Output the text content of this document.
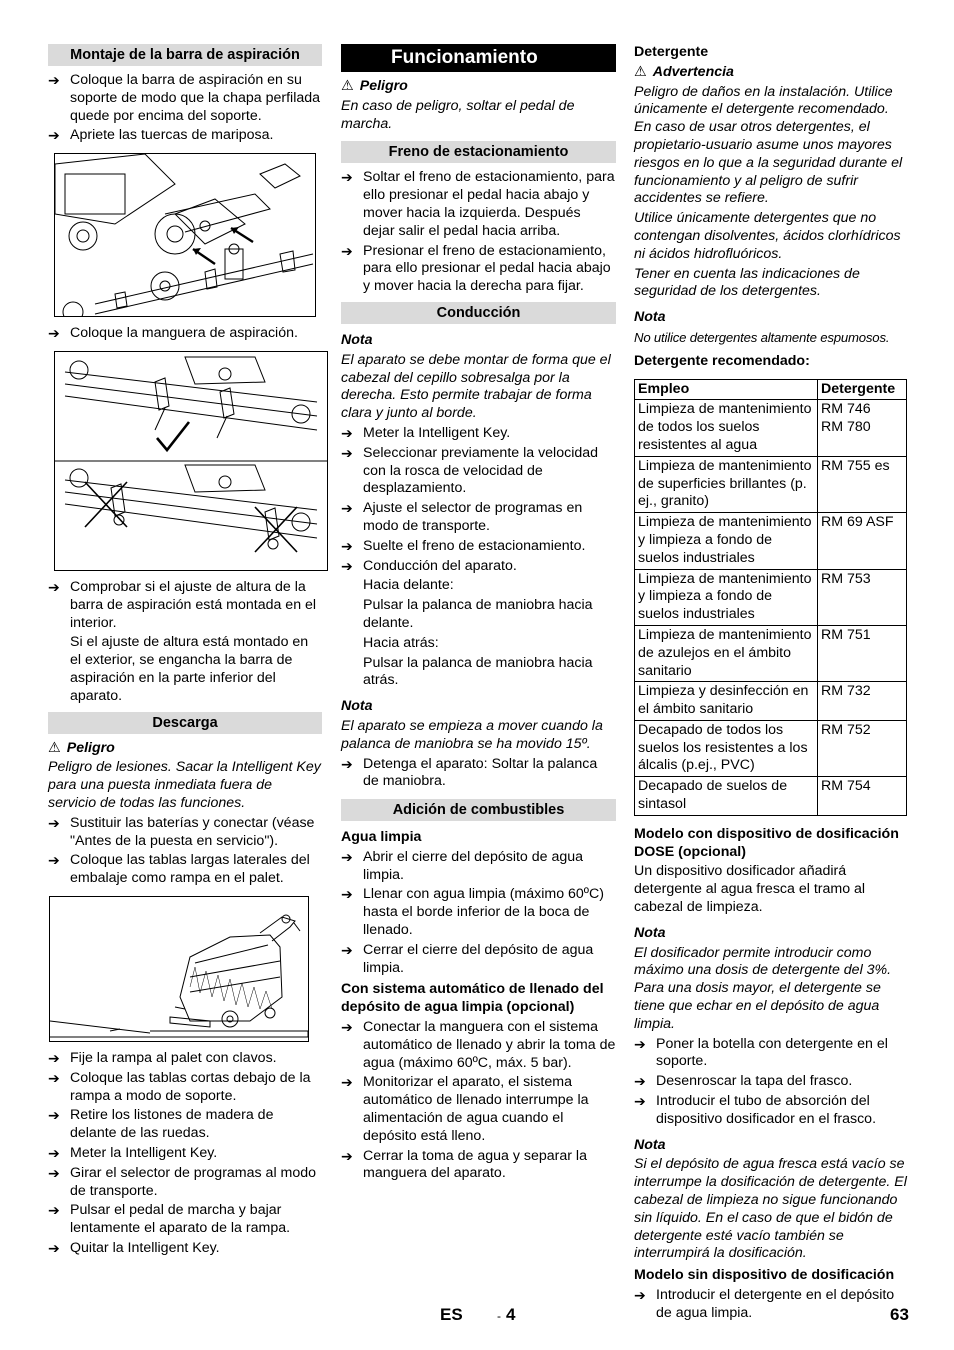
Montaje de la barra de aspiración
➔ Coloque la barra de aspiración en su soporte de modo que la chapa perfilada quede por encima del soporte.
➔ Apriete las tuercas de mariposa.
➔ Coloque la manguera de aspiración.
➔ Comprobar si el ajuste de altura de la barra de aspiración está montada en el interior.

Si el ajuste de altura está montado en el exterior, se engancha la barra de aspiración en la parte inferior del aparato.

Descarga
⚠ Peligro

Peligro de lesiones. Sacar la Intelligent Key para una puesta inmediata fuera de servicio de todas las funciones.

➔ Sustituir las baterías y conectar (véase "Antes de la puesta en servicio").
➔ Coloque las tablas largas laterales del embalaje como rampa en el palet.
➔ Fije la rampa al palet con clavos.
➔ Coloque las tablas cortas debajo de la rampa a modo de soporte.
➔ Retire los listones de madera de delante de las ruedas.
➔ Meter la Intelligent Key.
➔ Girar el selector de programas al modo de transporte.
➔ Pulsar el pedal de marcha y bajar lentamente el aparato de la rampa.
➔ Quitar la Intelligent Key.
Funcionamiento
⚠ Peligro

En caso de peligro, soltar el pedal de marcha.

Freno de estacionamiento
➔ Soltar el freno de estacionamiento, para ello presionar el pedal hacia abajo y mover hacia la izquierda. Después dejar salir el pedal hacia arriba.
➔ Presionar el freno de estacionamiento, para ello presionar el pedal hacia abajo y mover hacia la derecha para fijar.
Conducción
Nota

El aparato se debe montar de forma que el cabezal del cepillo sobresalga por la derecha. Esto permite trabajar de forma clara y junto al borde.

➔ Meter la Intelligent Key.
➔ Seleccionar previamente la velocidad con la rosca de velocidad de desplazamiento.
➔ Ajuste el selector de programas en modo de transporte.
➔ Suelte el freno de estacionamiento.
➔ Conducción del aparato.

Hacia delante:

Pulsar la palanca de maniobra hacia delante.

Hacia atrás:

Pulsar la palanca de maniobra hacia atrás.

Nota

El aparato se empieza a mover cuando la palanca de maniobra se ha movido 15º.

➔ Detenga el aparato: Soltar la palanca de maniobra.
Adición de combustibles
Agua limpia
➔ Abrir el cierre del depósito de agua limpia.
➔ Llenar con agua limpia (máximo 60ºC) hasta el borde inferior de la boca de llenado.
➔ Cerrar el cierre del depósito de agua limpia.
Con sistema automático de llenado del depósito de agua limpia (opcional)
➔ Conectar la manguera con el sistema automático de llenado y abrir la toma de agua (máximo 60ºC, máx. 5 bar).
➔ Monitorizar el aparato, el sistema automático de llenado interrumpe la alimentación de agua cuando el depósito está lleno.
➔ Cerrar la toma de agua y separar la manguera del aparato.
Detergente
⚠ Advertencia

Peligro de daños en la instalación. Utilice únicamente el detergente recomendado. En caso de usar otros detergentes, el propietario-usuario asume unos mayores riesgos en lo que a la seguridad durante el funcionamiento y al peligro de sufrir accidentes se refiere.

Utilice únicamente detergentes que no contengan disolventes, ácidos clorhídricos ni ácidos hidrofluóricos.

Tener en cuenta las indicaciones de seguridad de los detergentes.

Nota

No utilice detergentes altamente espumosos.

Detergente recomendado:
Empleo	Detergente
Limpieza de mantenimiento de todos los suelos resistentes al agua	RM 746
RM 780
Limpieza de mantenimiento de superficies brillantes (p. ej., granito)	RM 755 es
Limpieza de mantenimiento y limpieza a fondo de suelos industriales	RM 69 ASF
Limpieza de mantenimiento y limpieza a fondo de suelos industriales	RM 753
Limpieza de mantenimiento de azulejos en el ámbito sanitario	RM 751
Limpieza y desinfección en el ámbito sanitario	RM 732
Decapado de todos los suelos los resistentes a los álcalis (p.ej., PVC)	RM 752
Decapado de suelos de sintasol	RM 754
Modelo con dispositivo de dosificación DOSE (opcional)

Un dispositivo dosificador añadirá detergente al agua fresca el tramo al cabezal de limpieza.

Nota

El dosificador permite introducir como máximo una dosis de detergente del 3%. Para una dosis mayor, el detergente se tiene que echar en el depósito de agua limpia.

➔ Poner la botella con detergente en el soporte.
➔ Desenroscar la tapa del frasco.
➔ Introducir el tubo de absorción del dispositivo dosificador en el frasco.
Nota

Si el depósito de agua fresca está vacío se interrumpe la dosificación de detergente. El cabezal de limpieza no sigue funcionando sin líquido. En el caso de que el bidón de detergente esté vacío también se interrumpirá la dosificación.

Modelo sin dispositivo de dosificación
➔ Introducir el detergente en el depósito de agua limpia.
ES	- 4	63
